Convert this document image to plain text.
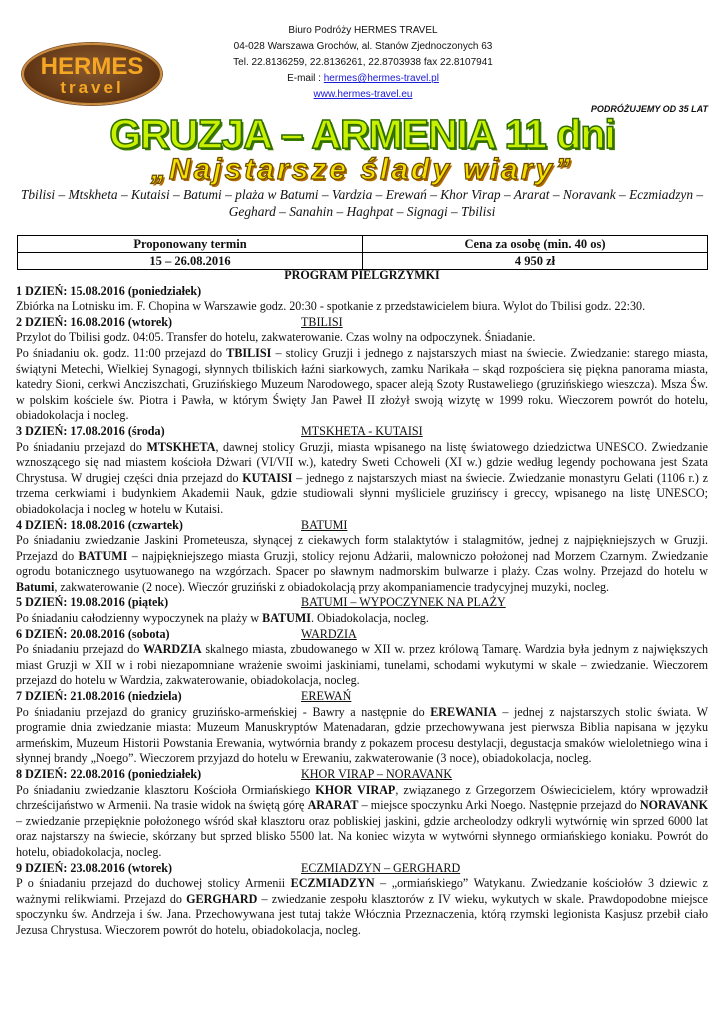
HERMES
travel
Biuro Podróży HERMES TRAVEL
04-028 Warszawa Grochów, al. Stanów Zjednoczonych 63
Tel. 22.8136259, 22.8136261, 22.8703938 fax 22.8107941
E-mail : hermes@hermes-travel.pl
www.hermes-travel.eu
PODRÓŻUJEMY OD 35 LAT
GRUZJA – ARMENIA 11 dni
„Najstarsze ślady wiary”
Tbilisi – Mtskheta – Kutaisi – Batumi – plaża w Batumi – Vardzia – Erewań – Khor Virap – Ararat – Noravank – Eczmiadzyn – Geghard – Sanahin – Haghpat – Signagi – Tbilisi
Proponowany termin	Cena za osobę (min. 40 os)
15 – 26.08.2016	4 950 zł
PROGRAM PIELGRZYMKI
1 DZIEŃ: 15.08.2016 (poniedziałek)
Zbiórka na Lotnisku im. F. Chopina w Warszawie godz. 20:30 - spotkanie z przedstawicielem biura. Wylot do Tbilisi godz. 22:30.
2 DZIEŃ: 16.08.2016 (wtorek)	TBILISI
Przylot do Tbilisi godz. 04:05. Transfer do hotelu, zakwaterowanie. Czas wolny na odpoczynek. Śniadanie.
Po śniadaniu ok. godz. 11:00 przejazd do TBILISI – stolicy Gruzji i jednego z najstarszych miast na świecie. Zwiedzanie: starego miasta, świątyni Metechi, Wielkiej Synagogi, słynnych tbiliskich łaźni siarkowych, zamku Narikała – skąd rozpościera się piękna panorama miasta, katedry Sioni, cerkwi Ancziszchati, Gruzińskiego Muzeum Narodowego, spacer aleją Szoty Rustaweliego (gruzińskiego wieszcza). Msza Św. w polskim kościele św. Piotra i Pawła, w którym Święty Jan Paweł II złożył swoją wizytę w 1999 roku. Wieczorem powrót do hotelu, obiadokolacja i nocleg.
3 DZIEŃ: 17.08.2016 (środa)	MTSKHETA - KUTAISI
Po śniadaniu przejazd do MTSKHETA, dawnej stolicy Gruzji, miasta wpisanego na listę światowego dziedzictwa UNESCO. Zwiedzanie wznoszącego się nad miastem kościoła Dżwari (VI/VII w.), katedry Sweti Cchoweli (XI w.) gdzie według legendy pochowana jest Szata Chrystusa. W drugiej części dnia przejazd do KUTAISI – jednego z najstarszych miast na świecie. Zwiedzanie monastyru Gelati (1106 r.) z trzema cerkwiami i budynkiem Akademii Nauk, gdzie studiowali słynni myśliciele gruzińscy i greccy, wpisanego na listę UNESCO; obiadokolacja i nocleg w hotelu w Kutaisi.
4 DZIEŃ: 18.08.2016 (czwartek)	BATUMI
Po śniadaniu zwiedzanie Jaskini Prometeusza, słynącej z ciekawych form stalaktytów i stalagmitów, jednej z najpiękniejszych w Gruzji. Przejazd do BATUMI – najpiękniejszego miasta Gruzji, stolicy rejonu Adżarii, malowniczo położonej nad Morzem Czarnym. Zwiedzanie ogrodu botanicznego usytuowanego na wzgórzach. Spacer po sławnym nadmorskim bulwarze i plaży. Czas wolny. Przejazd do hotelu w Batumi, zakwaterowanie (2 noce). Wieczór gruziński z obiadokolacją przy akompaniamencie tradycyjnej muzyki, nocleg.
5 DZIEŃ: 19.08.2016 (piątek)	BATUMI – WYPOCZYNEK NA PLAŻY
Po śniadaniu całodzienny wypoczynek na plaży w BATUMI. Obiadokolacja, nocleg.
6 DZIEŃ: 20.08.2016 (sobota)	WARDZIA
Po śniadaniu przejazd do WARDZIA skalnego miasta, zbudowanego w XII w. przez królową Tamarę. Wardzia była jednym z największych miast Gruzji w XII w i robi niezapomniane wrażenie swoimi jaskiniami, tunelami, schodami wykutymi w skale – zwiedzanie. Wieczorem przejazd do hotelu w Wardzia, zakwaterowanie, obiadokolacja, nocleg.
7 DZIEŃ: 21.08.2016 (niedziela)	EREWAŃ
Po śniadaniu przejazd do granicy gruzińsko-armeńskiej - Bawry a następnie do EREWANIA – jednej z najstarszych stolic świata. W programie dnia zwiedzanie miasta: Muzeum Manuskryptów Matenadaran, gdzie przechowywana jest pierwsza Biblia napisana w języku armeńskim, Muzeum Historii Powstania Erewania, wytwórnia brandy z pokazem procesu destylacji, degustacja smaków wieloletniego wina i słynnej brandy „Noego”. Wieczorem przyjazd do hotelu w Erewaniu, zakwaterowanie (3 noce), obiadokolacja, nocleg.
8 DZIEŃ: 22.08.2016 (poniedziałek)	KHOR VIRAP – NORAVANK
Po śniadaniu zwiedzanie klasztoru Kościoła Ormiańskiego KHOR VIRAP, związanego z Grzegorzem Oświecicielem, który wprowadził chrześcijaństwo w Armenii. Na trasie widok na świętą górę ARARAT – miejsce spoczynku Arki Noego. Następnie przejazd do NORAVANK – zwiedzanie przepięknie położonego wśród skał klasztoru oraz pobliskiej jaskini, gdzie archeolodzy odkryli wytwórnię win sprzed 6000 lat oraz najstarszy na świecie, skórzany but sprzed blisko 5500 lat. Na koniec wizyta w wytwórni słynnego ormiańskiego koniaku. Powrót do hotelu, obiadokolacja, nocleg.
9 DZIEŃ: 23.08.2016 (wtorek)	ECZMIADZYN – GERGHARD
P o śniadaniu przejazd do duchowej stolicy Armenii ECZMIADZYN – „ormiańskiego” Watykanu. Zwiedzanie kościołów 3 dziewic z ważnymi relikwiami. Przejazd do GERGHARD – zwiedzanie zespołu klasztorów z IV wieku, wykutych w skale. Prawdopodobne miejsce spoczynku św. Andrzeja i św. Jana. Przechowywana jest tutaj także Włócznia Przeznaczenia, którą rzymski legionista Kasjusz przebił ciało Jezusa Chrystusa. Wieczorem powrót do hotelu, obiadokolacja, nocleg.
